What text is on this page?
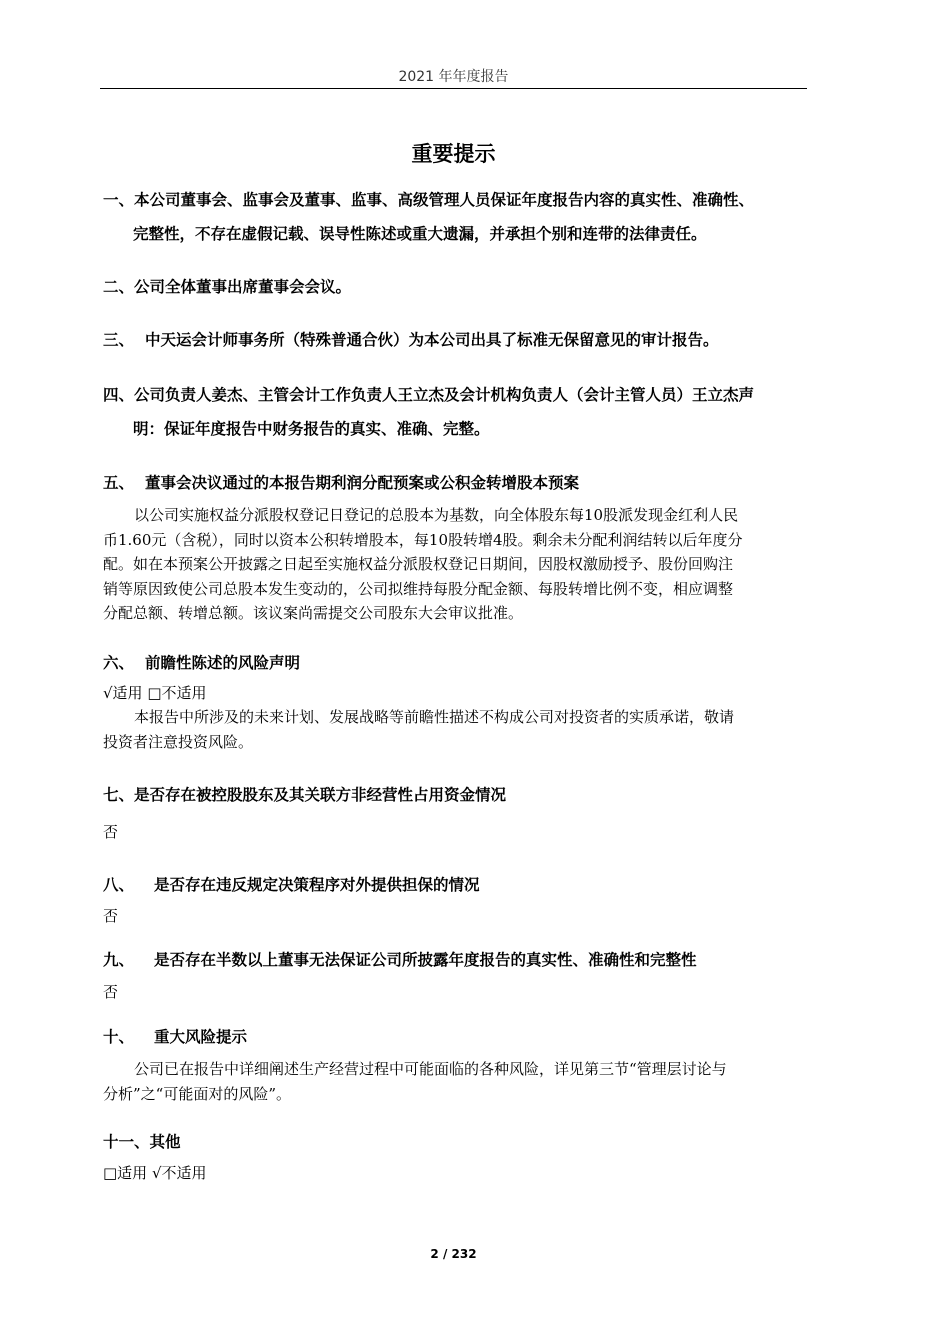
2021 年年度报告
重要提示
一、本公司董事会、监事会及董事、监事、高级管理人员保证年度报告内容的真实性、准确性、
完整性，不存在虚假记载、误导性陈述或重大遗漏，并承担个别和连带的法律责任。
二、公司全体董事出席董事会会议。
三、 中天运会计师事务所（特殊普通合伙）为本公司出具了标准无保留意见的审计报告。
四、公司负责人姜杰、主管会计工作负责人王立杰及会计机构负责人（会计主管人员）王立杰声
明：保证年度报告中财务报告的真实、准确、完整。
五、 董事会决议通过的本报告期利润分配预案或公积金转增股本预案
以公司实施权益分派股权登记日登记的总股本为基数，向全体股东每10股派发现金红利人民
币1.60元（含税），同时以资本公积转增股本，每10股转增4股。剩余未分配利润结转以后年度分
配。如在本预案公开披露之日起至实施权益分派股权登记日期间，因股权激励授予、股份回购注
销等原因致使公司总股本发生变动的，公司拟维持每股分配金额、每股转增比例不变，相应调整
分配总额、转增总额。该议案尚需提交公司股东大会审议批准。
六、 前瞻性陈述的风险声明
√适用 □不适用
本报告中所涉及的未来计划、发展战略等前瞻性描述不构成公司对投资者的实质承诺，敬请
投资者注意投资风险。
七、是否存在被控股股东及其关联方非经营性占用资金情况
否
八、 是否存在违反规定决策程序对外提供担保的情况
否
九、 是否存在半数以上董事无法保证公司所披露年度报告的真实性、准确性和完整性
否
十、 重大风险提示
公司已在报告中详细阐述生产经营过程中可能面临的各种风险，详见第三节“管理层讨论与
分析”之“可能面对的风险”。
十一、其他
□适用 √不适用
2 / 232
